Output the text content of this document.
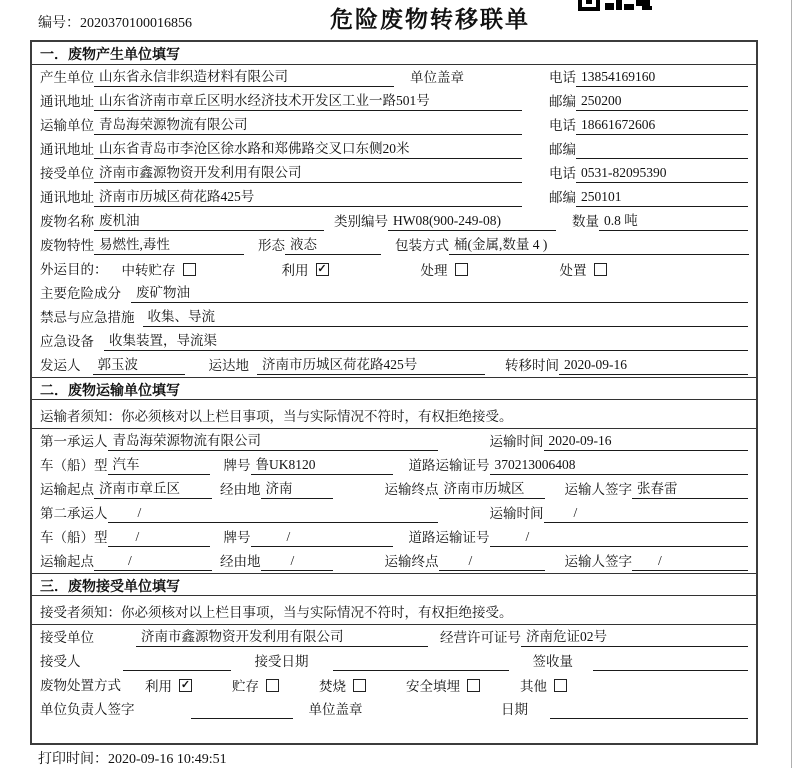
编号：2020370100016856	危险废物转移联单
一．废物产生单位填写
产生单位 山东省永信非织造材料有限公司	单位盖章	电话 13854169160
通讯地址 山东省济南市章丘区明水经济技术开发区工业一路501号	邮编 250200
运输单位 青岛海荣源物流有限公司	电话 18661672606
通讯地址 山东省青岛市李沧区徐水路和郑佛路交叉口东侧20米	邮编
接受单位 济南市鑫源物资开发利用有限公司	电话 0531-82095390
通讯地址 济南市历城区荷花路425号	邮编 250101
废物名称 废机油	类别编号 HW08(900-249-08)	数量 0.8 吨
废物特性 易燃性,毒性	形态 液态	包装方式 桶(金属,数量 4 )
外运目的： 中转贮存	利用 ✓	处理	处置
主要危险成分	废矿物油
禁忌与应急措施 收集、导流
应急设备	收集装置，导流渠
发运人	郭玉波	运达地 济南市历城区荷花路425号	转移时间 2020-09-16
二．废物运输单位填写
运输者须知：你必须核对以上栏目事项，当与实际情况不符时，有权拒绝接受。
第一承运人 青岛海荣源物流有限公司	运输时间 2020-09-16
车（船）型 汽车	牌号 鲁UK8120	道路运输证号 370213006408
运输起点 济南市章丘区	经由地 济南	运输终点 济南市历城区	运输人签字 张春雷
第二承运人	/	运输时间	/
车（船）型	/	牌号	/	道路运输证号	/
运输起点	/	经由地	/	运输终点	/	运输人签字	/
三．废物接受单位填写
接受者须知：你必须核对以上栏目事项，当与实际情况不符时，有权拒绝接受。
接受单位	济南市鑫源物资开发利用有限公司	经营许可证号 济南危证02号
接受人	接受日期	签收量
废物处置方式 利用 ✓	贮存	焚烧	安全填埋	其他
单位负责人签字	单位盖章	日期
打印时间：2020-09-16 10:49:51
